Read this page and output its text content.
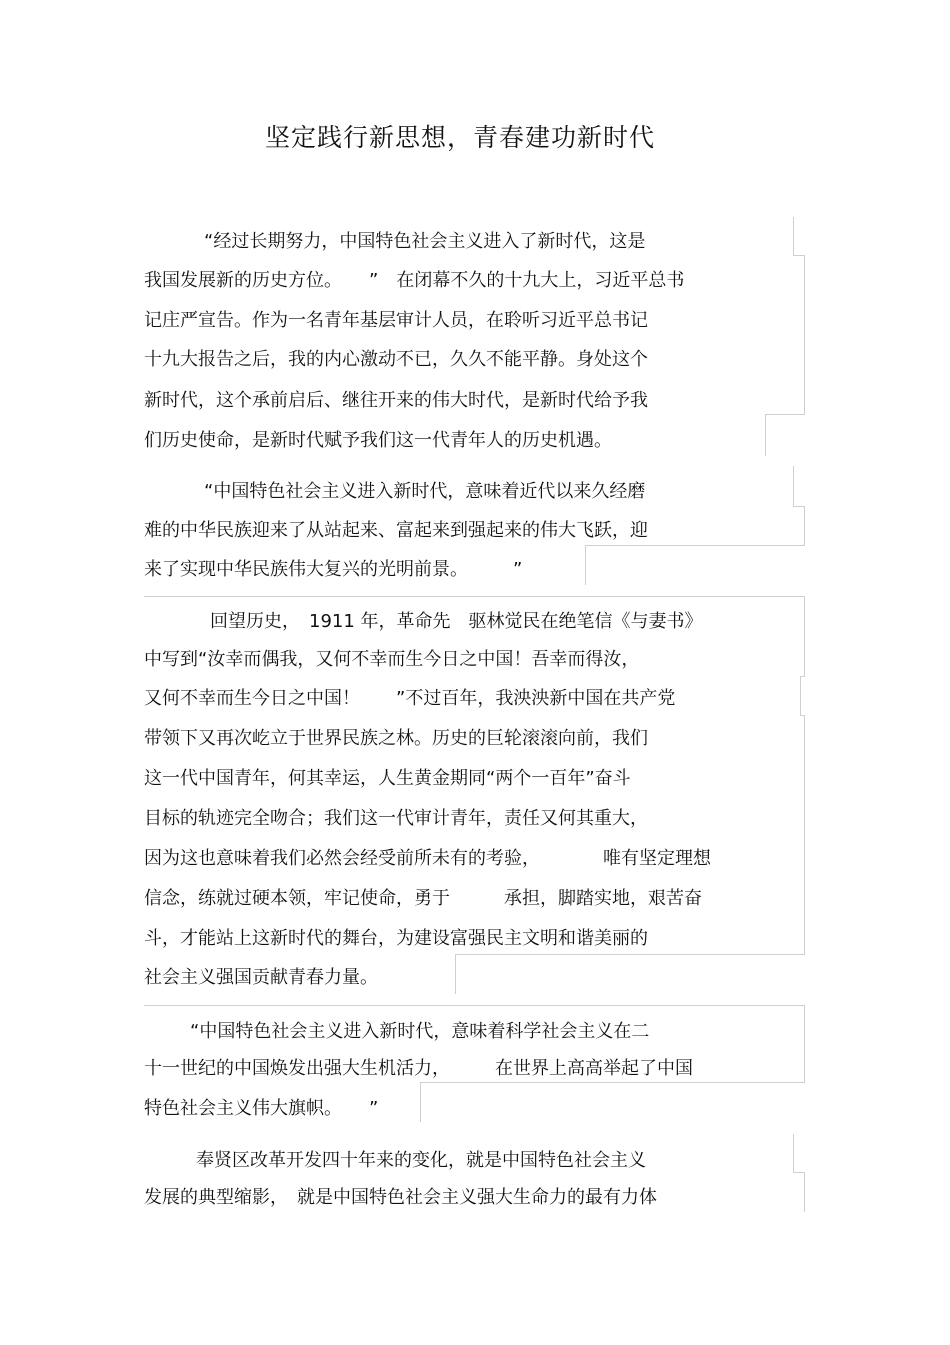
坚定践行新思想，青春建功新时代
“经过长期努力，中国特色社会主义进入了新时代，这是
我国发展新的历史方位。　　”　在闭幕不久的十九大上，习近平总书
记庄严宣告。作为一名青年基层审计人员，在聆听习近平总书记
十九大报告之后，我的内心激动不已，久久不能平静。身处这个
新时代，这个承前启后、继往开来的伟大时代，是新时代给予我
们历史使命，是新时代赋予我们这一代青年人的历史机遇。
“中国特色社会主义进入新时代，意味着近代以来久经磨
难的中华民族迎来了从站起来、富起来到强起来的伟大飞跃，迎
来了实现中华民族伟大复兴的光明前景。　　　”
回望历史，　1911 年，革命先　驱林觉民在绝笔信《与妻书》
中写到“汝幸而偶我，又何不幸而生今日之中国！吾幸而得汝，
又何不幸而生今日之中国！　　”不过百年，我泱泱新中国在共产党
带领下又再次屹立于世界民族之林。历史的巨轮滚滚向前，我们
这一代中国青年，何其幸运，人生黄金期同“两个一百年”奋斗
目标的轨迹完全吻合；我们这一代审计青年，责任又何其重大，
因为这也意味着我们必然会经受前所未有的考验，　　　　唯有坚定理想
信念，练就过硬本领，牢记使命，勇于　　　承担，脚踏实地，艰苦奋
斗，才能站上这新时代的舞台，为建设富强民主文明和谐美丽的
社会主义强国贡献青春力量。
“中国特色社会主义进入新时代，意味着科学社会主义在二
十一世纪的中国焕发出强大生机活力，　　　在世界上高高举起了中国
特色社会主义伟大旗帜。　　”
奉贤区改革开发四十年来的变化，就是中国特色社会主义
发展的典型缩影，　就是中国特色社会主义强大生命力的最有力体
